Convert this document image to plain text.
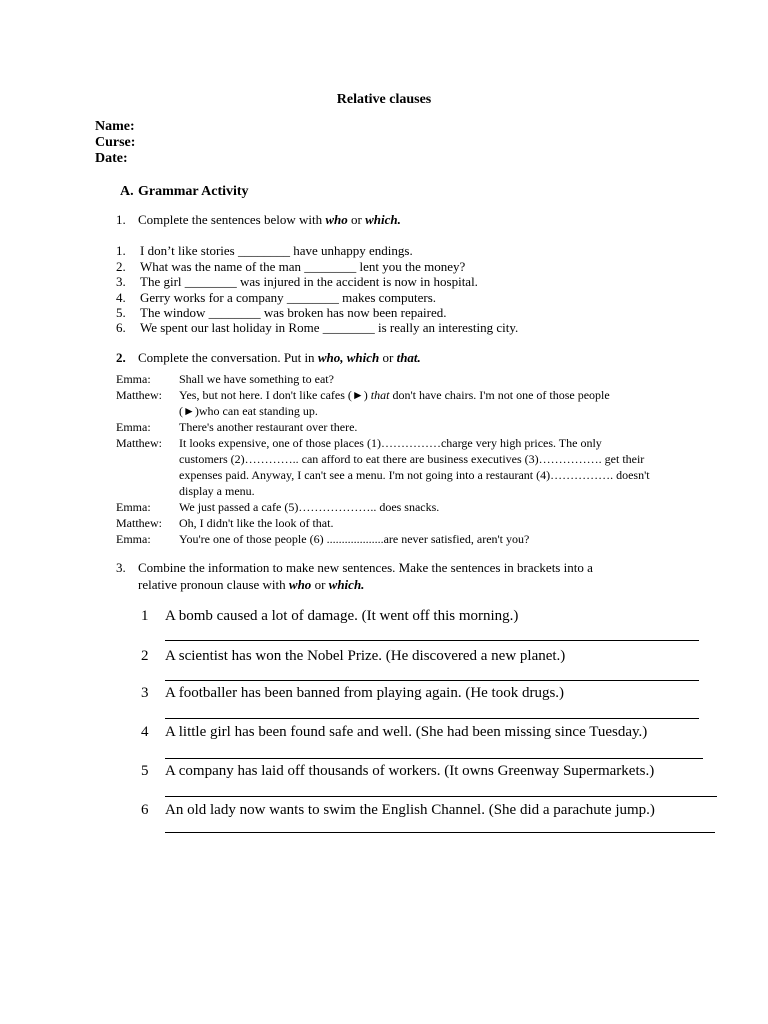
Relative clauses
Name:
Curse:
Date:
A. Grammar Activity
1. Complete the sentences below with who or which.
1. I don’t like stories ________ have unhappy endings.
2. What was the name of the man ________ lent you the money?
3. The girl ________ was injured in the accident is now in hospital.
4. Gerry works for a company ________ makes computers.
5. The window ________ was broken has now been repaired.
6. We spent our last holiday in Rome ________ is really an interesting city.
2. Complete the conversation. Put in who, which or that.
Emma: Shall we have something to eat?
Matthew: Yes, but not here. I don't like cafes (►) that don't have chairs. I'm not one of those people
(►)who can eat standing up.
Emma: There's another restaurant over there.
Matthew: It looks expensive, one of those places (1)……………charge very high prices. The only
customers (2)………….. can afford to eat there are business executives (3)……………. get their
expenses paid. Anyway, I can't see a menu. I'm not going into a restaurant (4)……………. doesn't
display a menu.
Emma: We just passed a cafe (5)……………….. does snacks.
Matthew: Oh, I didn't like the look of that.
Emma: You're one of those people (6) ...................are never satisfied, aren't you?
3. Combine the information to make new sentences. Make the sentences in brackets into a
relative pronoun clause with who or which.
1 A bomb caused a lot of damage. (It went off this morning.)
2 A scientist has won the Nobel Prize. (He discovered a new planet.)
3 A footballer has been banned from playing again. (He took drugs.)
4 A little girl has been found safe and well. (She had been missing since Tuesday.)
5 A company has laid off thousands of workers. (It owns Greenway Supermarkets.)
6 An old lady now wants to swim the English Channel. (She did a parachute jump.)
